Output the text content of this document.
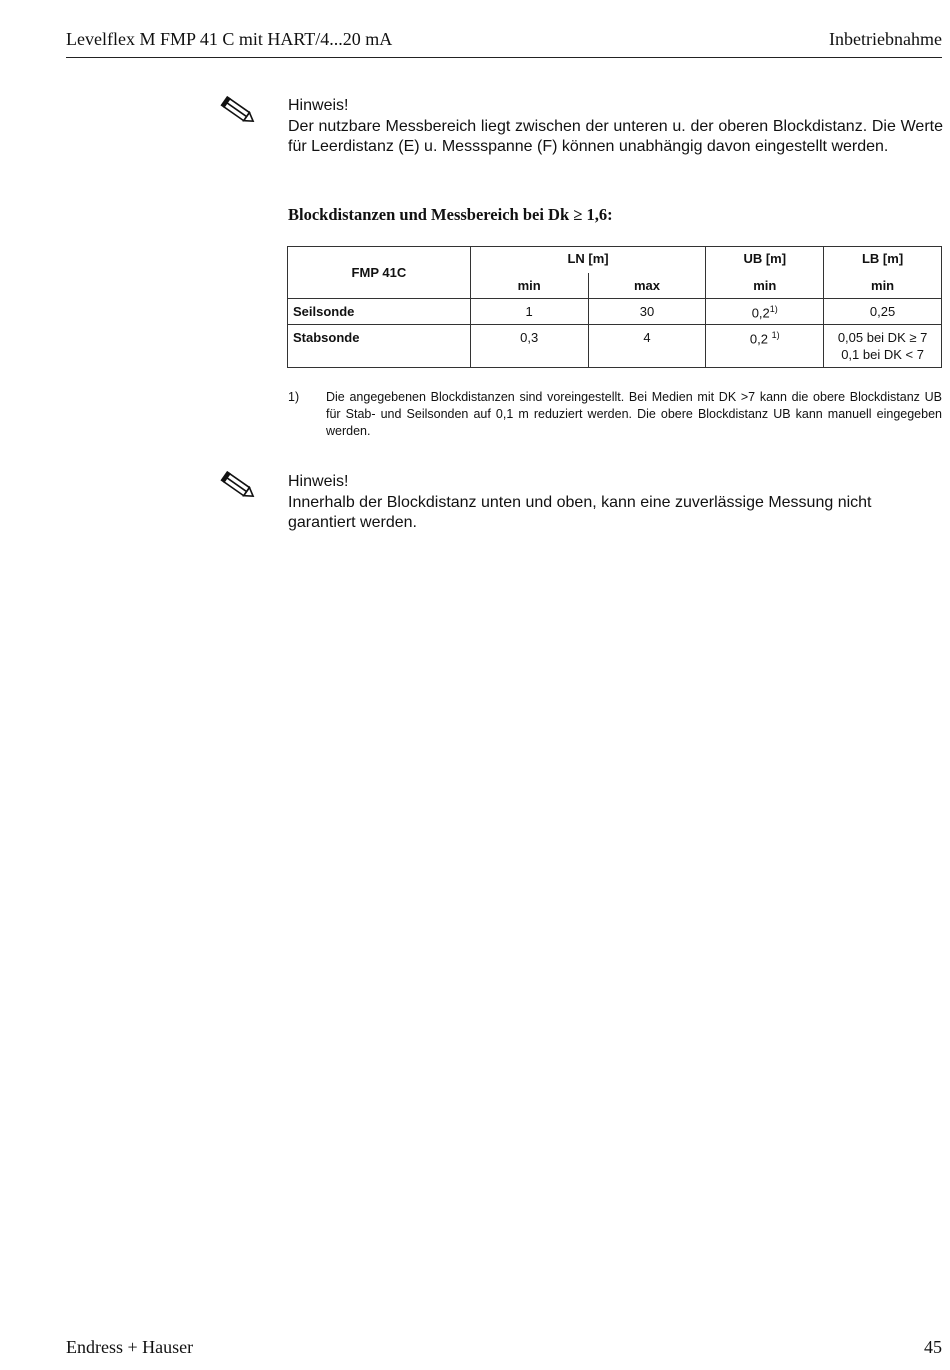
Levelflex M FMP 41 C mit HART/4...20 mA	Inbetriebnahme

Hinweis!

Der nutzbare Messbereich liegt zwischen der unteren u. der oberen Blockdistanz. Die Werte für Leerdistanz (E) u. Messspanne (F) können unabhängig davon eingestellt werden.

Blockdistanzen und Messbereich bei Dk ≥ 1,6:
FMP 41C	LN [m]		UB [m]	LB [m]
	min	max	min	min
Seilsonde	1	30	0,2$^{1)}$	0,25
Stabsonde	0,3	4	0,2 $^{1)}$	0,05 bei DK ≥ 7
0,1 bei DK < 7
1) Die angegebenen Blockdistanzen sind voreingestellt. Bei Medien mit DK >7 kann die obere Blockdistanz UB für Stab- und Seilsonden auf 0,1 m reduziert werden. Die obere Blockdistanz UB kann manuell eingegeben werden.

Hinweis!

Innerhalb der Blockdistanz unten und oben, kann eine zuverlässige Messung nicht garantiert werden.

Endress + Hauser	45
